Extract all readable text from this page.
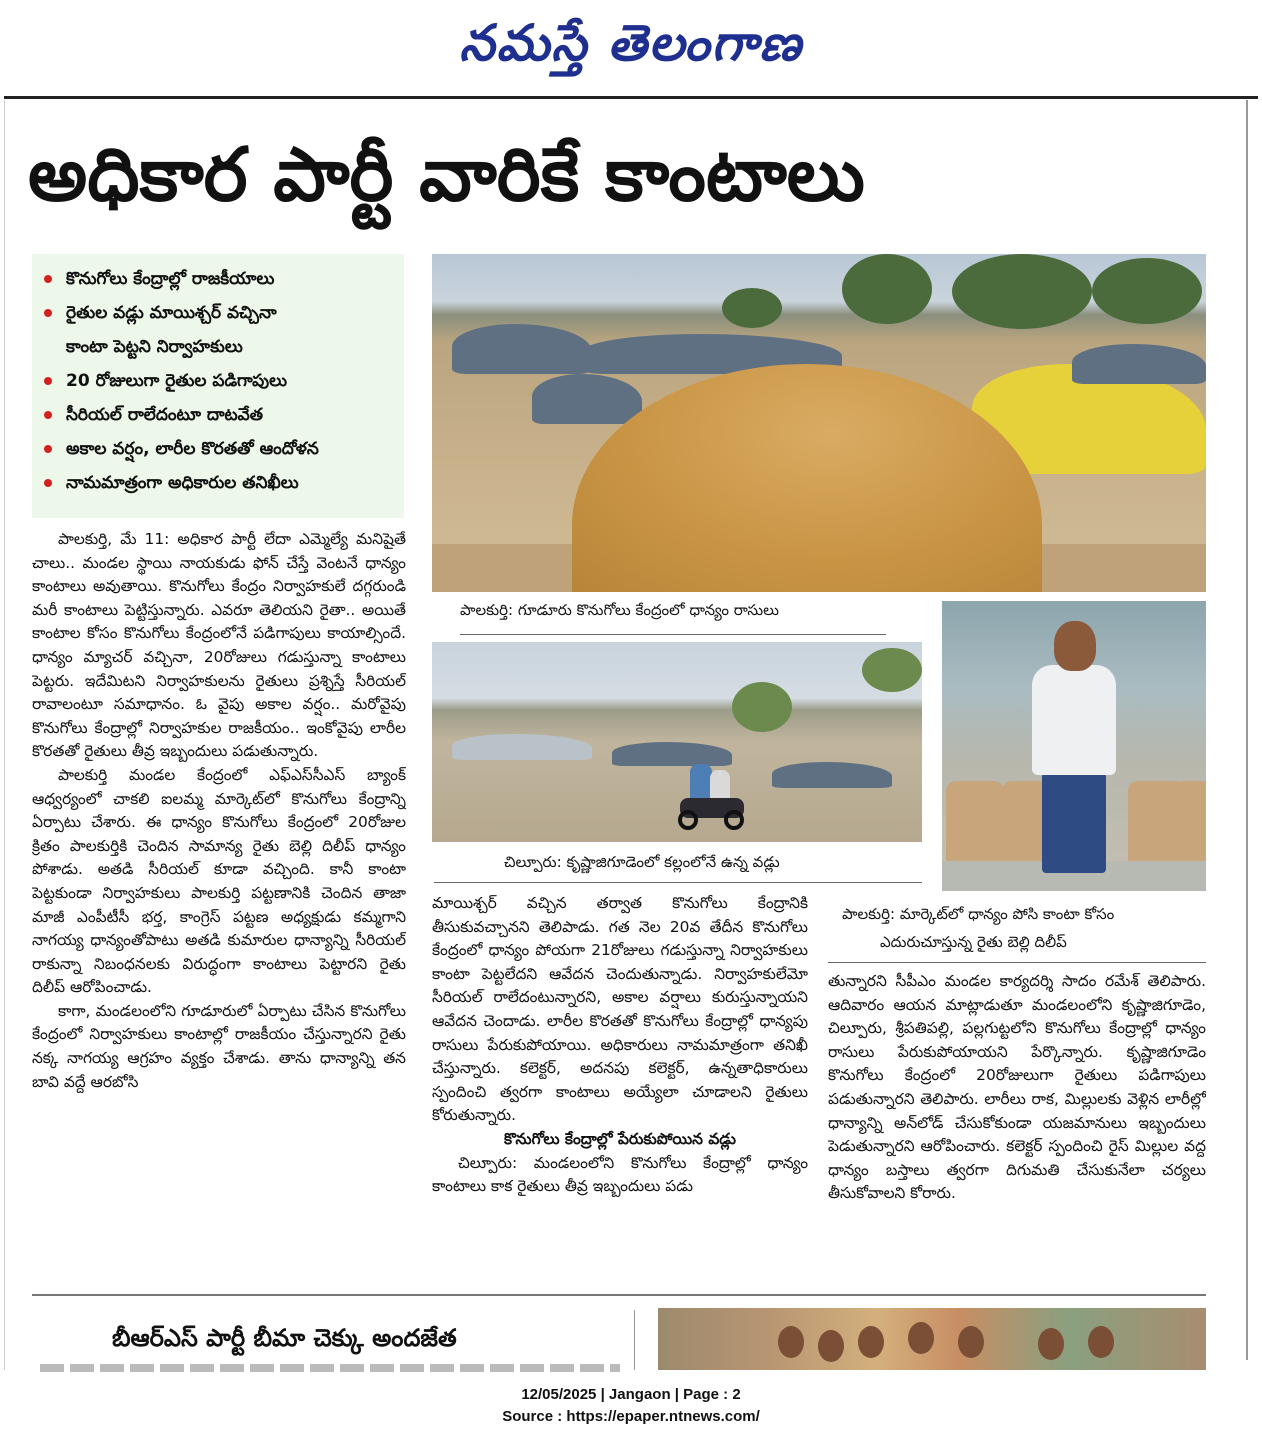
నమస్తే తెలంగాణ
అధికార పార్టీ వారికే కాంటాలు
కొనుగోలు కేంద్రాల్లో రాజకీయాలు
రైతుల వడ్లు మాయిశ్చర్ వచ్చినా
కాంటా పెట్టని నిర్వాహకులు
20 రోజులుగా రైతుల పడిగాపులు
సీరియల్ రాలేదంటూ దాటవేత
అకాల వర్షం, లారీల కొరతతో ఆందోళన
నామమాత్రంగా అధికారుల తనిఖీలు
పాలకుర్తి: గూడూరు కొనుగోలు కేంద్రంలో ధాన్యం రాసులు
చిల్పూరు: కృష్ణాజిగూడెంలో కల్లంలోనే ఉన్న వడ్లు
పాలకుర్తి: మార్కెట్‌లో ధాన్యం పోసి కాంటా కోసం
ఎదురుచూస్తున్న రైతు బెల్లి దిలీప్

పాలకుర్తి, మే 11: అధికార పార్టీ లేదా ఎమ్మెల్యే మనిషైతే చాలు.. మండల స్థాయి నాయకుడు ఫోన్ చేస్తే వెంటనే ధాన్యం కాంటాలు అవుతాయి. కొనుగోలు కేంద్రం నిర్వాహకులే దగ్గరుండి మరీ కాంటాలు పెట్టిస్తున్నారు. ఎవరూ తెలియని రైతా.. అయితే కాంటాల కోసం కొనుగోలు కేంద్రంలోనే పడిగాపులు కాయాల్సిందే. ధాన్యం మ్యాచర్ వచ్చినా, 20రోజులు గడుస్తున్నా కాంటాలు పెట్టరు. ఇదేమిటని నిర్వాహకులను రైతులు ప్రశ్నిస్తే సీరియల్ రావాలంటూ సమాధానం. ఓ వైపు అకాల వర్షం.. మరోవైపు కొనుగోలు కేంద్రాల్లో నిర్వాహకుల రాజకీయం.. ఇంకోవైపు లారీల కొరతతో రైతులు తీవ్ర ఇబ్బందులు పడుతున్నారు.

పాలకుర్తి మండల కేంద్రంలో ఎఫ్ఎస్‌సీఎస్ బ్యాంక్ ఆధ్వర్యంలో చాకలి ఐలమ్మ మార్కెట్‌లో కొనుగోలు కేంద్రాన్ని ఏర్పాటు చేశారు. ఈ ధాన్యం కొనుగోలు కేంద్రంలో 20రోజుల క్రితం పాలకుర్తికి చెందిన సామాన్య రైతు బెల్లి దిలీప్ ధాన్యం పోశాడు. అతడి సీరియల్ కూడా వచ్చింది. కానీ కాంటా పెట్టకుండా నిర్వాహకులు పాలకుర్తి పట్టణానికి చెందిన తాజా మాజీ ఎంపీటీసీ భర్త, కాంగ్రెస్ పట్టణ అధ్యక్షుడు కమ్మగాని నాగయ్య ధాన్యంతోపాటు అతడి కుమారుల ధాన్యాన్ని సీరియల్ రాకున్నా నిబంధనలకు విరుద్ధంగా కాంటాలు పెట్టారని రైతు దిలీప్ ఆరోపించాడు.

కాగా, మండలంలోని గూడూరులో ఏర్పాటు చేసిన కొనుగోలు కేంద్రంలో నిర్వాహకులు కాంటాల్లో రాజకీయం చేస్తున్నారని రైతు నక్క నాగయ్య ఆగ్రహం వ్యక్తం చేశాడు. తాను ధాన్యాన్ని తన బావి వద్దే ఆరబోసి

మాయిశ్చర్ వచ్చిన తర్వాత కొనుగోలు కేంద్రానికి తీసుకువచ్చానని తెలిపాడు. గత నెల 20వ తేదీన కొనుగోలు కేంద్రంలో ధాన్యం పోయగా 21రోజులు గడుస్తున్నా నిర్వాహకులు కాంటా పెట్టలేదని ఆవేదన చెందుతున్నాడు. నిర్వాహకులేమో సీరియల్ రాలేదంటున్నారని, అకాల వర్షాలు కురుస్తున్నాయని ఆవేదన చెందాడు. లారీల కొరతతో కొనుగోలు కేంద్రాల్లో ధాన్యపు రాసులు పేరుకుపోయాయి. అధికారులు నామమాత్రంగా తనిఖీ చేస్తున్నారు. కలెక్టర్, అదనపు కలెక్టర్, ఉన్నతాధికారులు స్పందించి త్వరగా కాంటాలు అయ్యేలా చూడాలని రైతులు కోరుతున్నారు.

కొనుగోలు కేంద్రాల్లో పేరుకుపోయిన వడ్లు

చిల్పూరు: మండలంలోని కొనుగోలు కేంద్రాల్లో ధాన్యం కాంటాలు కాక రైతులు తీవ్ర ఇబ్బందులు పడు

తున్నారని సీపీఎం మండల కార్యదర్శి సాదం రమేశ్ తెలిపారు. ఆదివారం ఆయన మాట్లాడుతూ మండలంలోని కృష్ణాజిగూడెం, చిల్పూరు, శ్రీపతిపల్లి, పల్లగుట్టలోని కొనుగోలు కేంద్రాల్లో ధాన్యం రాసులు పేరుకుపోయాయని పేర్కొన్నారు. కృష్ణాజిగూడెం కొనుగోలు కేంద్రంలో 20రోజులుగా రైతులు పడిగాపులు పడుతున్నారని తెలిపారు. లారీలు రాక, మిల్లులకు వెళ్లిన లారీల్లో ధాన్యాన్ని అన్‌లోడ్ చేసుకోకుండా యజమానులు ఇబ్బందులు పెడుతున్నారని ఆరోపించారు. కలెక్టర్ స్పందించి రైస్ మిల్లుల వద్ద ధాన్యం బస్తాలు త్వరగా దిగుమతి చేసుకునేలా చర్యలు తీసుకోవాలని కోరారు.

బీఆర్ఎస్ పార్టీ బీమా చెక్కు అందజేత
12/05/2025 | Jangaon | Page : 2
Source : https://epaper.ntnews.com/
